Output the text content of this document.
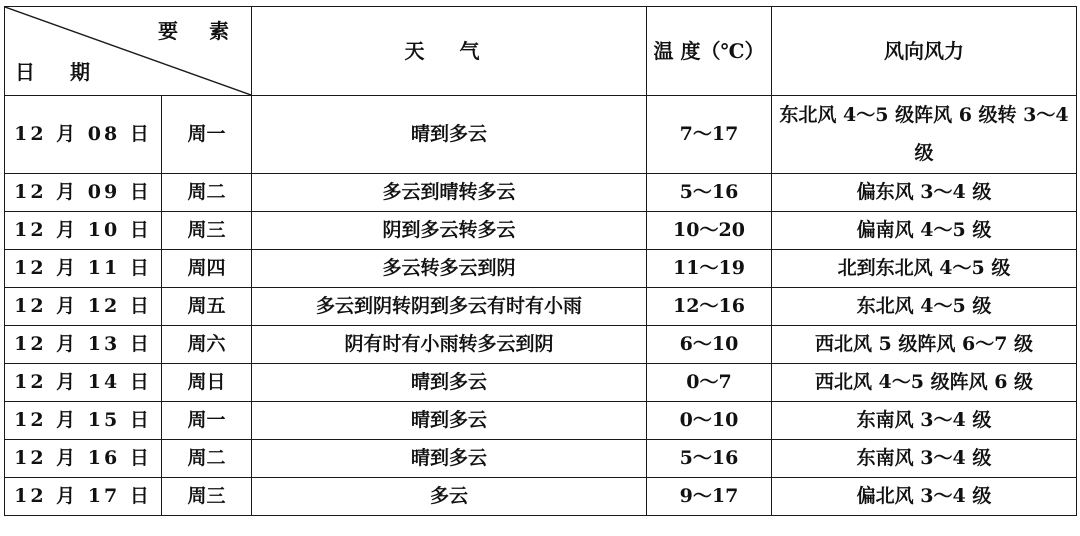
要 素
日 期		天 气	温 度（℃）	风向风力
12 月 08 日	周一	晴到多云	7～17	东北风 4～5 级阵风 6 级转 3～4 级
12 月 09 日	周二	多云到晴转多云	5～16	偏东风 3～4 级
12 月 10 日	周三	阴到多云转多云	10～20	偏南风 4～5 级
12 月 11 日	周四	多云转多云到阴	11～19	北到东北风 4～5 级
12 月 12 日	周五	多云到阴转阴到多云有时有小雨	12～16	东北风 4～5 级
12 月 13 日	周六	阴有时有小雨转多云到阴	6～10	西北风 5 级阵风 6～7 级
12 月 14 日	周日	晴到多云	0～7	西北风 4～5 级阵风 6 级
12 月 15 日	周一	晴到多云	0～10	东南风 3～4 级
12 月 16 日	周二	晴到多云	5～16	东南风 3～4 级
12 月 17 日	周三	多云	9～17	偏北风 3～4 级
